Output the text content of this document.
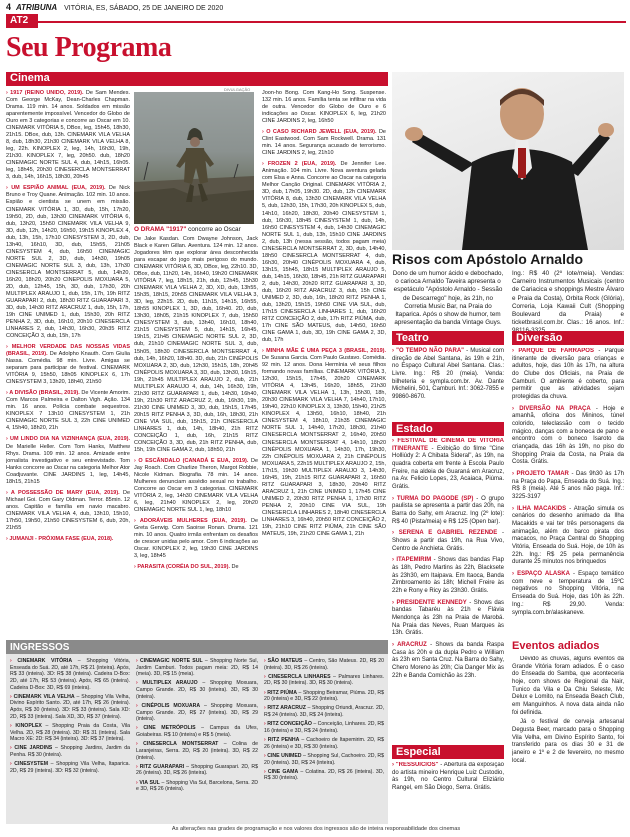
4 ATRIBUNA VITÓRIA, ES, SÁBADO, 25 DE JANEIRO DE 2020
AT2
Seu Programa
Cinema
DIVULGAÇÃO
› 1917 (REINO UNIDO, 2019). De Sam Mendes. Com George McKay, Dean-Charles Chapman. Drama. 119 min. 14 anos. Soldados em missão aparentemente impossível. Vencedor do Globo de Ouro em 3 categorias e concorre ao Oscar em 10. CINEMARK VITÓRIA 5, DBox, leg, 15h45, 18h30, 21h15. DBox, dub, 13h. CINEMARK VILA VELHA 8, dub, 18h30, 21h30 CINEMARK VILA VELHA 8, leg, 22h. KINOPLEX 2, leg, 14h, 16h30, 19h, 21h30. KINOPLEX 7, leg, 20h50. dub, 18h20 CINEMAGIC NORTE SUL 4, dub, 14h15, 16h05. leg, 18h45, 20h30 CINESERCLA MONTSERRAT 3, dub, 14h, 16h15, 18h30, 20h45
› UM ESPIÃO ANIMAL (EUA, 2019). De Nick Bruno e Troy Quane. Animação. 102 min. 10 anos. Espião e cientista se unem em missão. CINEMARK VITÓRIA 1, 3D, dub, 15h, 17h20, 19h50, 2D, dub, 13h30 CINEMARK VITÓRIA 6, dub, 13h20, 15h50 CINEMARK VILA VELHA 9, 3D, dub, 12h, 14h20, 16h50, 19h15 KINOPLEX 4, dub, 13h, 15h, 17h10 CINESYSTEM 3, 2D, dub, 13h40, 16h10, 3D, dub, 15h55, 21h05 CINESYSTEM 4, dub, 16h50 CINEMAGIC NORTE SUL 2, 3D, dub, 14h30, 19h05 CINEMAGIC NORTE SUL 3, dub, 13h, 17h30 CINESERCLA MONTSERRAT 5, dub, 14h20, 16h20, 18h20, 20h20 CINEPOLIS MOXUARA 5, 2D, dub, 12h45, 15h, 3D, dub, 17h30, 20h MULTIPLEX ARAUJO 1, dub, 15h, 17h, 19h RITZ GUARAPARI 2, dub, 18h30 RITZ GUARAPARI 3, 3D, dub, 14h30 RITZ ARACRUZ 1, dub, 15h, 17h, 19h CINE UNIMED 1, dub, 15h30, 20h RITZ PENHA 2, 3D, dub, 16h10, 20h10 CINESERCLA LINHARES 2, dub, 14h30, 16h30, 20h35 RITZ CONCEIÇÃO 3, dub, 15h, 17h
› MELHOR VERDADE DAS NOSSAS VIDAS (BRASIL, 2019). De Adolpho Knauth. Com Giulia Nassa. Comédia. 98 min. Livre. Amigas se separam para participar de festival. CINEMARK VITÓRIA 9, 15h50, 18h05 KINOPLEX 6, 17h CINESYSTEM 3, 13h20, 18h40, 21h50
› A DIVISÃO (BRASIL, 2019). De Vicente Amorim. Com Marcos Palmeira e Dalton Vigh. Ação. 134 min. 16 anos. Polícia combate sequestros. KINOPLEX 7 13h10 CINESYSTEM 1, 21h CINEMAGIC NORTE SUL 3, 22h CINE UNIMED 4, 15h40, 18h20, 21h
› UM LINDO DIA NA VIZINHANÇA (EUA, 2019). De Marielle Heller. Com Tom Hanks, Matthew Rhys. Drama. 109 min. 12 anos. Amizade entre jornalista investigativo e seu entrevistado. Tom Hanks concorre ao Oscar na categoria Melhor Ator Coadjuvante. CINE JARDINS 1, leg, 14h45, 18h15, 21h15
› A POSSESSÃO DE MARY (EUA, 2019). De Michael Goi. Com Gary Oldman. Terror. 85min. 12 anos. Capitão e família em navio macabro. CINEMARK VILA VELHA 4, dub, 13h10, 15h10, 17h50, 19h50, 21h50 CINESYSTEM 6, dub, 20h, 21h55
› JUMANJI - PRÓXIMA FASE (EUA, 2018).
O DRAMA "1917" concorre ao Oscar
De Jake Kasdan. Com Dwayne Johnson, Jack Black e Karen Gillan. Aventura. 124 min. 12 anos. Jogadores têm que explorar área desconhecida para escapar do jogo mais perigoso do mundo. CINEMARK VITÓRIA 6, 3D, DBox, leg, 22h10. 3D, DBox, dub, 11h20, 14h, 16h40, 19h20 CINEMARK VITÓRIA 7, leg, 18h15, 21h, dub, 12h45, 15h30 CINEMARK VILA VELHA 2, 3D, XD, dub, 13h55, 15h35, 18h15, 20h55 CINEMARK VILA VELHA 3, 3D, leg, 22h15. 2D, dub, 11h15, 14h15, 16h55, 18h55 KINOPLEX 1, 3D, dub, 16h40. 2D, dub, 13h30, 18h05, 21h15 KINOPLEX 7, dub, 15h50 CINESYSTEM 3, dub, 13h40, 16h10, 18h40, 21h15 CINESYSTEM 5, dub, 14h15, 16h45, 19h15, 21h45 CINEMAGIC NORTE SUL 2, 3D, dub, 21h10 CINEMAGIC NORTE SUL 3, dub, 15h05, 18h30 CINESERCLA MONTSERRAT 4, dub, 14h, 16h20, 18h40. 3D, dub, 21h CINÉPOLIS MOXUARA 2, 3D, dub, 12h30, 15h15, 18h, 20h45 CINÉPOLIS MOXUARA 3, 3D, dub, 13h30, 16h15, 19h, 21h45 MULTIPLEX ARAUJO 2, dub, 21h MULTIPLEX ARAUJO 4, dub, 14h, 16h30, 19h, 21h30 RITZ GUARAPARI 1, dub, 14h30, 16h40, 19h, 21h30 RITZ ARACRUZ 2, dub, 16h30, 19h, 21h30 CINE UNIMED 3, 3D, dub, 15h15, 17h45, 20h15 RITZ PENHA 3, 3D, dub, 16h, 18h30, 21h CINE VIA SUL, dub, 15h15, 21h CINESERCLA LINHARES 1, dub, 14h, 18h40, 21h RITZ CONCEIÇÃO 1, dub, 16h, 21h15 RITZ CONCEIÇÃO 3, 3D, dub, 21h RITZ PENHA, dub, 15h, 19h CINE GAMA 2, dub, 18h50, 21h
› O ESCÂNDALO (CANADÁ E EUA, 2019). De Jay Roach. Com Charlize Theron, Margot Robbie, Nicole Kidman. Biografia. 78 min. 14 anos. Mulheres denunciam assédio sexual no trabalho. Concorre ao Oscar em 3 categorias. CINEMARK VITÓRIA 2, leg, 14h30 CINEMARK VILA VELHA 6, leg, 21h40 KINOPLEX 2, leg, 20h20 CINEMAGIC NORTE SUL 1, leg, 18h10
› ADORÁVEIS MULHERES (EUA, 2019). De Greta Gerwig. Com Saoirse Ronan. Drama. 121 min. 10 anos. Quatro irmãs enfrentam os desafios de crescer unidas pelo amor. Com 6 indicações ao Oscar. KINOPLEX 2, leg, 19h30 CINE JARDINS 3, leg, 18h45
› PARASITA (CORÉIA DO SUL, 2019). De
Joon-ho Bong. Com Kang-Ho Song. Suspense. 132 min. 16 anos. Família tenta se infiltrar na vida de outra. Vencedor do Globo de Ouro e 6 indicações ao Oscar. KINOPLEX 6, leg, 21h20 CINE JARDINS 2, leg, 16h50
› O CASO RICHARD JEWELL (EUA, 2019). De Clint Eastwood. Com Sam Rockwell. Drama. 131 min. 14 anos. Segurança acusado de terrorismo. CINE JARDINS 2, leg, 21h10
› FROZEN 2 (EUA, 2019). De Jennifer Lee. Animação. 104 min. Livre. Nova aventura gelada com Elsa e Anna. Concorre ao Oscar na categoria Melhor Canção Original. CINEMARK VITÓRIA 2, 3D, dub, 17h05, 19h30. 2D, dub, 12h CINEMARK VITÓRIA 8, dub, 13h30 CINEMARK VILA VELHA 5, dub, 12h30, 15h, 17h30, 20h KINOPLEX 5, dub, 14h10, 16h20, 18h30, 20h40 CINESYSTEM 1, dub, 16h30, 18h45 CINESYSTEM 1, dub, 14h, 16h50 CINESYSTEM 4, dub, 14h30 CINEMAGIC NORTE SUL 1, dub, 13h, 15h10 CINE JARDINS 2, dub, 13h (nessa sessão, todos pagam meia) CINESERCLA MONTSERRAT 2, 3D, dub, 14h40, 18h50 CINESERCLA MONTSERRAT 4, dub, 16h30, 20h40 CINÉPOLIS MOXUARA 4, dub, 13h15, 15h45, 18h15 MULTIPLEX ARAUJO 5, dub, 14h15, 16h30, 18h45, 21h RITZ GUARAPARI 2, dub, 14h30, 20h20 RITZ GUARAPARI 3, 3D, dub, 16h20 RITZ ARACRUZ 3, dub, 15h CINE UNIMED 2, 3D, dub, 16h, 18h20 RITZ PENHA 1, dub, 13h20, 15h15, 19h50 CINE VIA SUL, dub, 17h15 CINESERCLA LINHARES 1, dub, 16h20 RITZ CONCEIÇÃO 2, dub, 17h RITZ PIÚMA, dub, 17h CINE SÃO MATEUS, dub, 14h50, 16h50 CINE GAMA 1, dub, 3D, 19h CINE GAMA 2, 3D, dub, 17h
› MINHA MÃE É UMA PEÇA 3 (BRASIL, 2019). De Susana Garcia. Com Paulo Gustavo. Comédia. 92 min. 12 anos. Dona Hermínia vê seus filhos formando novas famílias. CINEMARK VITÓRIA 3, 12h30, 15h15, 17h45, 20h20 CINEMARK VITÓRIA 4, 13h45, 16h20, 18h55, 21h30 CINEMARK VILA VELHA 1, 13h, 15h30, 18h, 20h30 CINEMARK VILA VELHA 7, 14h40, 17h10, 19h40, 22h10 KINOPLEX 3, 13h30, 15h40, 21h25 KINOPLEX 4, 13h50, 16h10, 18h40, 21h CINESYSTEM 4, 18h10, 21h35 CINEMAGIC NORTE SUL 1, 14h40, 17h20, 18h30, 21h40 CINESERCLA MONTSERRAT 2, 16h40, 20h50 CINESERCLA MONTSERRAT 4, 14h10, 18h20 CINÉPOLIS MOXUARA 1, 14h30, 17h, 19h30, 22h CINÉPOLIS MOXUARA 2, 21h CINÉPOLIS MOXUARA 5, 22h15 MULTIPLEX ARAUJO 2, 15h, 17h15, 19h30 MULTIPLEX ARAUJO 3, 14h30, 16h45, 19h, 21h15 RITZ GUARAPARI 2, 16h50 RITZ GUARAPARI 3, 18h30, 20h40 RITZ ARACRUZ 1, 21h CINE UNIMED 1, 17h45 CINE UNIMED 2, 20h30 RITZ PENHA 1, 17h30 RITZ PENHA 2, 20h10 CINE VIA SUL, 19h CINESERCLA LINHARES 2, 18h40 CINESERCLA LINHARES 3, 16h40, 20h50 RITZ CONCEIÇÃO 2, 19h, 21h10 CINE RITZ PIÚMA, 21h CINE SÃO MATEUS, 19h, 21h20 CINE GAMA 1, 21h
Risos com Apóstolo Arnaldo
Dono de um humor ácido e debochado, o carioca Arnaldo Taveira apresenta o espetáculo "Apóstolo Arnaldo - Sessão de Descarrego" hoje, às 21h, no Corretia Music Bar, na Praia do Itaparica. Após o show de humor, tem apresentação da banda Vintage Guys.
Ing.: R$ 40 (2º lote/meia). Vendas: Carneiro Instrumentos Musicais (centro de Cariacica e shoppings Mestre Álvaro e Praia da Costa), Orbita Rock (Glória), Correria, Loja Kawaii Cult (Shopping Boulevard da Praia) e ticketbrasil.com.br. Clas.: 16 anos. Inf.:
Teatro
› "O TEMPO NÃO PARA" - Musical com direção de Abel Santana, às 19h e 21h, no Espaço Cultural Abel Santana. Clas.: Livre. Ing.: R$ 20 (meia). Venda: bilheteria e sympla.com.br. Av. Dante Michelini, 501, Camburi. Inf.: 3062-7855 e 99860-8670.
Estado
› FESTIVAL DE CINEMA DE VITÓRIA ITINERANTE - Exibição do filme "Cine Holliúdy 2: A Chibata Sideral", às 19h, na quadra coberta em frente à Escola Paulo Freire, na aldeia de Guaraná em Aracruz, na Av. Felicio Lopes, 23, Acaiaca, Piúma. Grátis.
› TURMA DO PAGODE (SP) - O grupo paulista se apresenta a partir das 20h, na Barra do Sahy, em Aracruz. Ing (2º lote): R$ 40 (Pista/meia) e R$ 125 (Open bar).
› SERENA E GABRIEL REZENDE - Shows a partir das 19h, na Rua Vivo, Centro de Anchieta. Grátis.
› ITAPEMIRIM - Shows das bandas Flap às 18h, Pedro Martins às 22h, Blacksete às 23h30, em Itaipava. Em Itaoca, Banda Zimbroamento às 18h; Michell Freire às 22h e Rony e Ricy às 23h30. Grátis.
› PRESIDENTE KENNEDY - Shows das bandas Tabaréu às 21h e Flávia Mendonça às 23h na Praia de Marobá. Na Praia das Neves, Ruan Marques às 13h. Grátis.
› ARACRUZ - Shows da banda Raspa Casa às 20h e da dupla Pedro e William às 23h em Santa Cruz. Na Barra do Sahy, Chero Moreno às 20h; Cia Danger Mix às 22h e Banda Comichão às 23h.
Especial
› "RESSUÍCIOS" - Abertura da exposição do artista mineiro Henrique Luiz Custodio, às 19h, no Centro Cultural Eliziário Rangel, em São Diogo, Serra. Grátis.
Diversão
› PARQUE DE FARRAPOS - Parque itinerante de diversão para crianças e adultos, hoje, das 10h às 17h, na altura do Clube dos Oficiais, na Praia de Camburi. O ambiente é coberto, para permitir que as atividades sejam protegidas da chuva.
› DIVERSÃO NA PRAÇA - Hoje e amanhã, oficina dos Mininos, túnel colorido, teleclassão com o tecido mágico, danças com a boneca de pano e encontro com o boneco Isaroto da criançada, das 16h às 19h, no piso do Shopping Praia da Costa, na Praia da Costa. Grátis.
› PROJETO TAMAR - Das 9h30 às 17h na Praça do Papa, Enseada do Suá. Ing.: R$ 8 (meia). Até 5 anos não paga. Inf.: 3225-3197
› ILHA MACAKIDS - Atração simula os cenários do desenho animado da Ilha Macakids e vai ter três personagens da animação, além do barco pirata dos macacos, no Praça Central do Shopping Vitória, Enseada do Suá. Hoje, de 10h às 22h. Ing.: R$ 25 pela permanência durante 25 minutos nos brinquedos
› ESPAÇO ALASKA - Espaço temático com neve e temperatura de 15ºC negativos no Shopping Vitória, na Enseada do Suá. Hoje, das 10h às 22h. Ing.: R$ 29,90. Venda: sympla.com.br/alaskaneve.
Eventos adiados
Devido às chuvas, alguns eventos da Grande Vitória foram adiados. É o caso do Enseada do Samba, que aconteceria hoje, com shows de Regional da Nair, Tunico da Vila e Da Chiu Seleste, Mc Delux e Lomito, na Enseada Beach Club, em Manguinhos. A nova data ainda não foi definida.
Já o festival de cerveja artesanal Degusta Beer, marcado para o Shopping Vila Velha, em Divino Espírito Santo, foi transferido para os dias 30 e 31 de janeiro e 1º e 2 de fevereiro, no mesmo local.
INGRESSOS
› CINEMARK VITÓRIA – Shopping Vitória, Enseada do Suá. 2D, até 17h, R$ 21 (inteira). Após, R$ 33 (inteira). 3D: R$ 38 (inteira). Cadeira D-Box: 2D, até 17h, R$ 53 (inteira). Após, R$ 65 (inteira). Cadeira D-Box: 3D, R$ 69 (inteira).
› CINEMARK VILA VELHA – Shopping Vila Velha, Divino Espírito Santo. 2D, até 17h, R$ 26 (inteira). Após, R$ 30 (inteira). 3D: R$ 33 (inteira). Sala XD: 2D, R$ 33 (inteira). Sala XD, 3D, R$ 37 (inteira).
› KINOPLEX – Shopping Praia da Costa, Vila Velha. 2D, R$ 28 (inteira). 3D: R$ 31 (inteira). Sala Macro XE: 2D: R$ 34 (inteira). 3D: R$ 37 (inteira).
› CINE JARDINS – Shopping Jardins, Jardim da Penha. R$ 30 (inteira).
› CINESYSTEM – Shopping Vila Velha, Itaparica. 2D, R$ 29 (inteira). 3D: R$ 32 (inteira).
› CINEMAGIC NORTE SUL – Shopping Norte Sul, Jardim Camburi. Todos pagam meia: 2D, R$ 14 (meia). 3D, R$ 15 (meia).
› MULTIPLEX ARAUJO – Shopping Moxuara, Campo Grande. 2D, R$ 30 (inteira). 3D, R$ 30 (inteira).
› CINÉPOLIS MOXUARA – Shopping Moxuara, Campo Grande. 2D, R$ 27 (inteira). 3D, R$ 29 (inteira).
› CINE METRÓPOLIS – Campus da Ufes, Goiabeiras. R$ 10 (inteira) e R$ 5 (meia).
› CINESERCLA MONTSERRAT – Colina de Laranjeiras, Serra. 2D, R$ 20 (inteira). 3D, R$ 22 (inteira).
› RITZ GUARAPARI – Shopping Guarapari. 2D, R$ 26 (inteira). 3D, R$ 26 (inteira).
› VIA SUL – Shopping Via Sul, Barcelona, Serra. 2D e 3D, R$ 26 (inteira).
› SÃO MATEUS – Centro, São Mateus. 2D, R$ 20 (inteira). 3D, R$ 26 (inteira).
› CINESERCLA LINHARES – Palmares Linhares. 2D, R$ 30 (inteira). 3D, R$ 30 (inteira).
› RITZ PIÚMA – Shopping Beiramar, Piúma. 2D, R$ 20 (inteira) e 3D, R$ 22 (inteira).
› RITZ ARACRUZ – Shopping Oriundi, Aracruz. 2D, R$ 24 (inteira). 3D, R$ 24 (inteira).
› RITZ CONCEIÇÃO – Conceição, Linhares. 2D, R$ 16 (inteira) e 3D, R$ 24 (inteira).
› RITZ PENHA – Cachoeiro de Itapemirim. 2D, R$ 26 (inteira) e 3D, R$ 30 (inteira).
› CINE UNIMED – Shopping Sul, Cachoeiro. 2D, R$ 20 (inteira). 3D, R$ 24 (inteira).
› CINE GAMA – Colatina. 2D, R$ 26 (inteira). 3D, R$ 30 (inteira).
As alterações nas grades de programação e nos valores dos ingressos são de inteira responsabilidade dos cinemas
